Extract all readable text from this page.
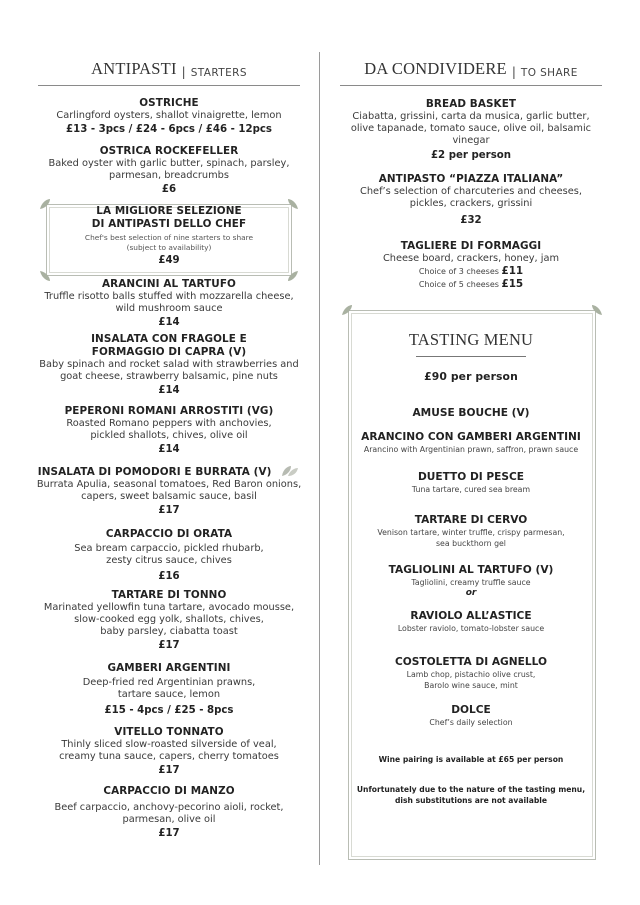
ANTIPASTI | STARTERS
OSTRICHE
Carlingford oysters, shallot vinaigrette, lemon
£13 - 3pcs / £24 - 6pcs / £46 - 12pcs
OSTRICA ROCKEFELLER
Baked oyster with garlic butter, spinach, parsley,
parmesan, breadcrumbs
£6
LA MIGLIORE SELEZIONE
DI ANTIPASTI DELLO CHEF
Chef's best selection of nine starters to share
(subject to availability)
£49
ARANCINI AL TARTUFO
Truffle risotto balls stuffed with mozzarella cheese,
wild mushroom sauce
£14
INSALATA CON FRAGOLE E
FORMAGGIO DI CAPRA (V)
Baby spinach and rocket salad with strawberries and
goat cheese, strawberry balsamic, pine nuts
£14
PEPERONI ROMANI ARROSTITI (VG)
Roasted Romano peppers with anchovies,
pickled shallots, chives, olive oil
£14
INSALATA DI POMODORI E BURRATA (V)
Burrata Apulia, seasonal tomatoes, Red Baron onions,
capers, sweet balsamic sauce, basil
£17
CARPACCIO DI ORATA
Sea bream carpaccio, pickled rhubarb,
zesty citrus sauce, chives
£16
TARTARE DI TONNO
Marinated yellowfin tuna tartare, avocado mousse,
slow-cooked egg yolk, shallots, chives,
baby parsley, ciabatta toast
£17
GAMBERI ARGENTINI
Deep-fried red Argentinian prawns,
tartare sauce, lemon
£15 - 4pcs / £25 - 8pcs
VITELLO TONNATO
Thinly sliced slow-roasted silverside of veal,
creamy tuna sauce, capers, cherry tomatoes
£17
CARPACCIO DI MANZO
Beef carpaccio, anchovy-pecorino aioli, rocket,
parmesan, olive oil
£17
DA CONDIVIDERE | TO SHARE
BREAD BASKET
Ciabatta, grissini, carta da musica, garlic butter,
olive tapanade, tomato sauce, olive oil, balsamic
vinegar
£2 per person
ANTIPASTO “PIAZZA ITALIANA”
Chef’s selection of charcuteries and cheeses,
pickles, crackers, grissini
£32
TAGLIERE DI FORMAGGI
Cheese board, crackers, honey, jam
Choice of 3 cheeses £11
Choice of 5 cheeses £15
TASTING MENU
£90 per person
AMUSE BOUCHE (V)
ARANCINO CON GAMBERI ARGENTINI
Arancino with Argentinian prawn, saffron, prawn sauce
DUETTO DI PESCE
Tuna tartare, cured sea bream
TARTARE DI CERVO
Venison tartare, winter truffle, crispy parmesan,
sea buckthorn gel
TAGLIOLINI AL TARTUFO (V)
Tagliolini, creamy truffle sauce
or
RAVIOLO ALL’ASTICE
Lobster raviolo, tomato-lobster sauce
COSTOLETTA DI AGNELLO
Lamb chop, pistachio olive crust,
Barolo wine sauce, mint
DOLCE
Chef’s daily selection
Wine pairing is available at £65 per person
Unfortunately due to the nature of the tasting menu,
dish substitutions are not available
